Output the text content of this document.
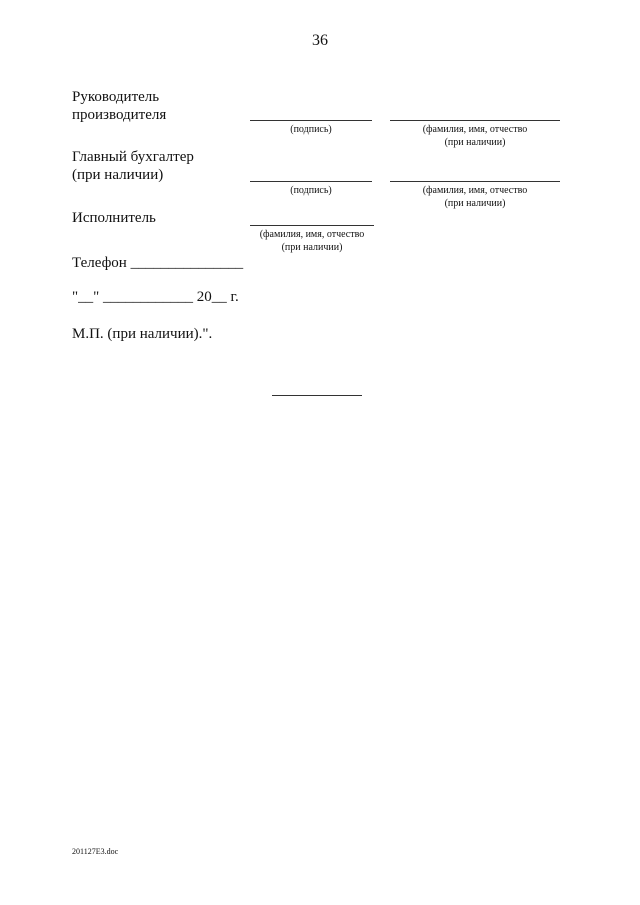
36
Руководитель
производителя
(подпись)	(фамилия, имя, отчество
(при наличии)
Главный бухгалтер
(при наличии)
(подпись)	(фамилия, имя, отчество
(при наличии)
Исполнитель
(фамилия, имя, отчество
(при наличии)
Телефон _______________
"__" ____________ 20__ г.
М.П. (при наличии).".
201127E3.doc
